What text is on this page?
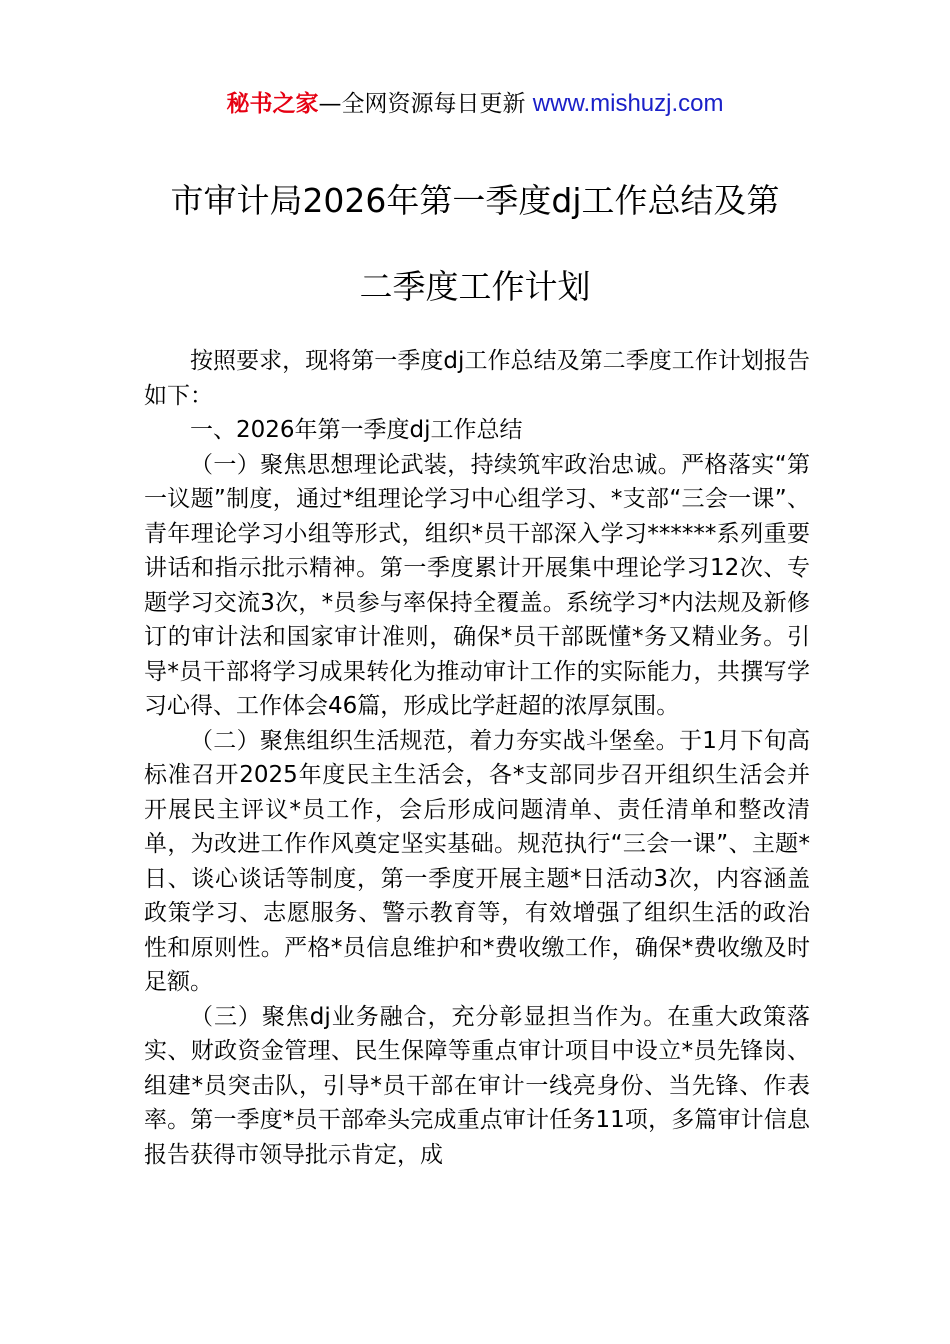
秘书之家—全网资源每日更新 www.mishuzj.com
市审计局2026年第一季度dj工作总结及第
二季度工作计划

按照要求，现将第一季度dj工作总结及第二季度工作计划报告如下：

一、2026年第一季度dj工作总结

（一）聚焦思想理论武装，持续筑牢政治忠诚。严格落实“第一议题”制度，通过*组理论学习中心组学习、*支部“三会一课”、青年理论学习小组等形式，组织*员干部深入学习******系列重要讲话和指示批示精神。第一季度累计开展集中理论学习12次、专题学习交流3次，*员参与率保持全覆盖。系统学习*内法规及新修订的审计法和国家审计准则，确保*员干部既懂*务又精业务。引导*员干部将学习成果转化为推动审计工作的实际能力，共撰写学习心得、工作体会46篇，形成比学赶超的浓厚氛围。

（二）聚焦组织生活规范，着力夯实战斗堡垒。于1月下旬高标准召开2025年度民主生活会，各*支部同步召开组织生活会并开展民主评议*员工作，会后形成问题清单、责任清单和整改清单，为改进工作作风奠定坚实基础。规范执行“三会一课”、主题*日、谈心谈话等制度，第一季度开展主题*日活动3次，内容涵盖政策学习、志愿服务、警示教育等，有效增强了组织生活的政治性和原则性。严格*员信息维护和*费收缴工作，确保*费收缴及时足额。

（三）聚焦dj业务融合，充分彰显担当作为。在重大政策落实、财政资金管理、民生保障等重点审计项目中设立*员先锋岗、组建*员突击队，引导*员干部在审计一线亮身份、当先锋、作表率。第一季度*员干部牵头完成重点审计任务11项，多篇审计信息报告获得市领导批示肯定，成
